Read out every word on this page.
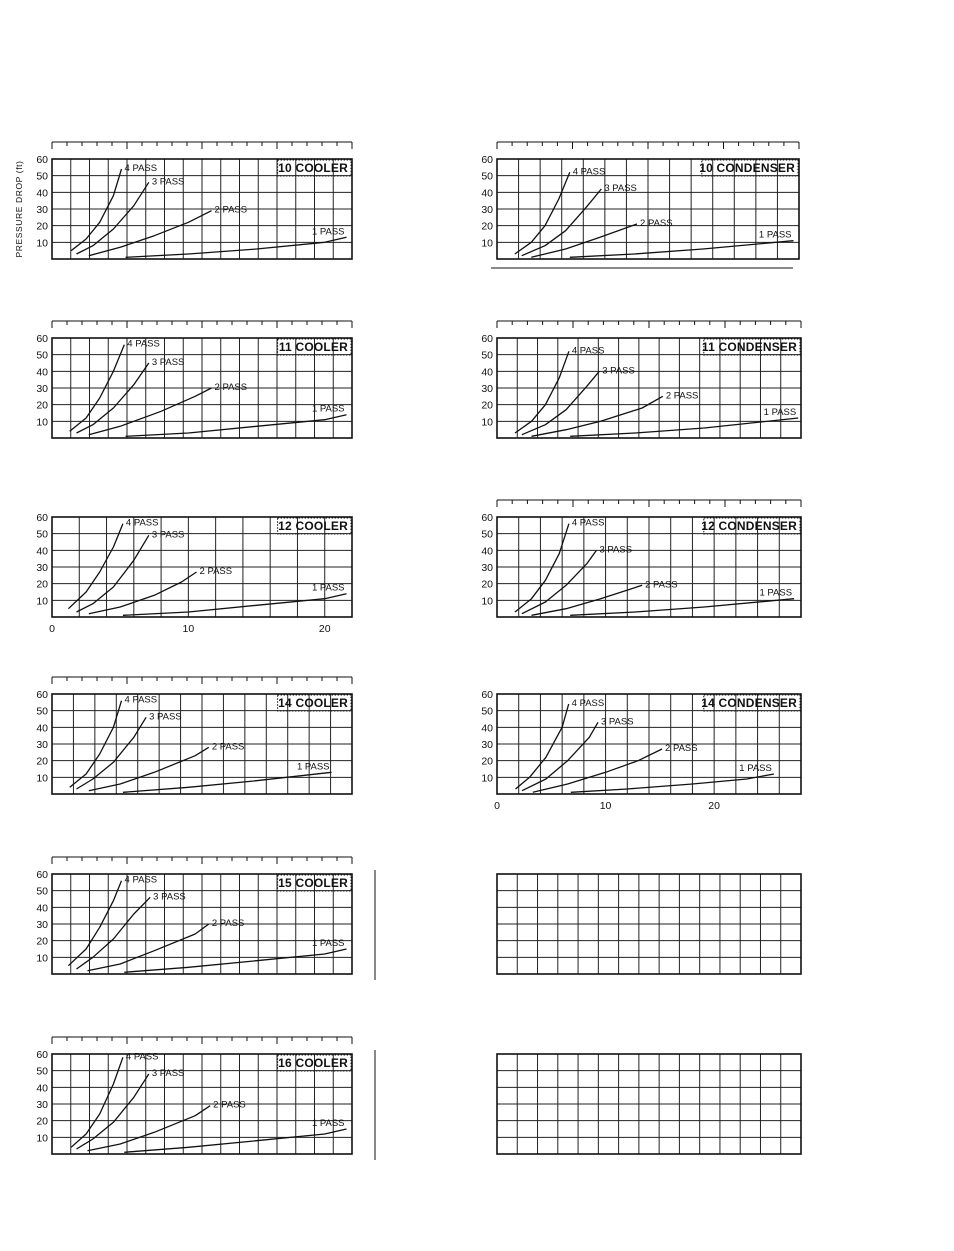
60
50
40
30
20
10
PRESSURE DROP (ft)	10 COOLER
4 PASS
3 PASS
2 PASS
1 PASS
60
50
40
30
20
10
10 CONDENSER
4 PASS
3 PASS
2 PASS
1 PASS
60
50
40
30
20
10
11 COOLER
4 PASS
3 PASS
2 PASS
1 PASS
60
50
40
30
20
10
11 CONDENSER
4 PASS
3 PASS
2 PASS
1 PASS
60
50
40
30
20
10
0	10	20
12 COOLER
4 PASS
3 PASS
2 PASS
1 PASS
60
50
40
30
20
10
12 CONDENSER
4 PASS
3 PASS
2 PASS
1 PASS
60
50
40
30
20
10
14 COOLER
4 PASS
3 PASS
2 PASS
1 PASS
60
50
40
30
20
10
0	10	20
14 CONDENSER
4 PASS
3 PASS
2 PASS
1 PASS
60
50
40
30
20
10
15 COOLER
4 PASS
3 PASS
2 PASS
1 PASS
60
50
40
30
20
10
16 COOLER
4 PASS
3 PASS
2 PASS
1 PASS
